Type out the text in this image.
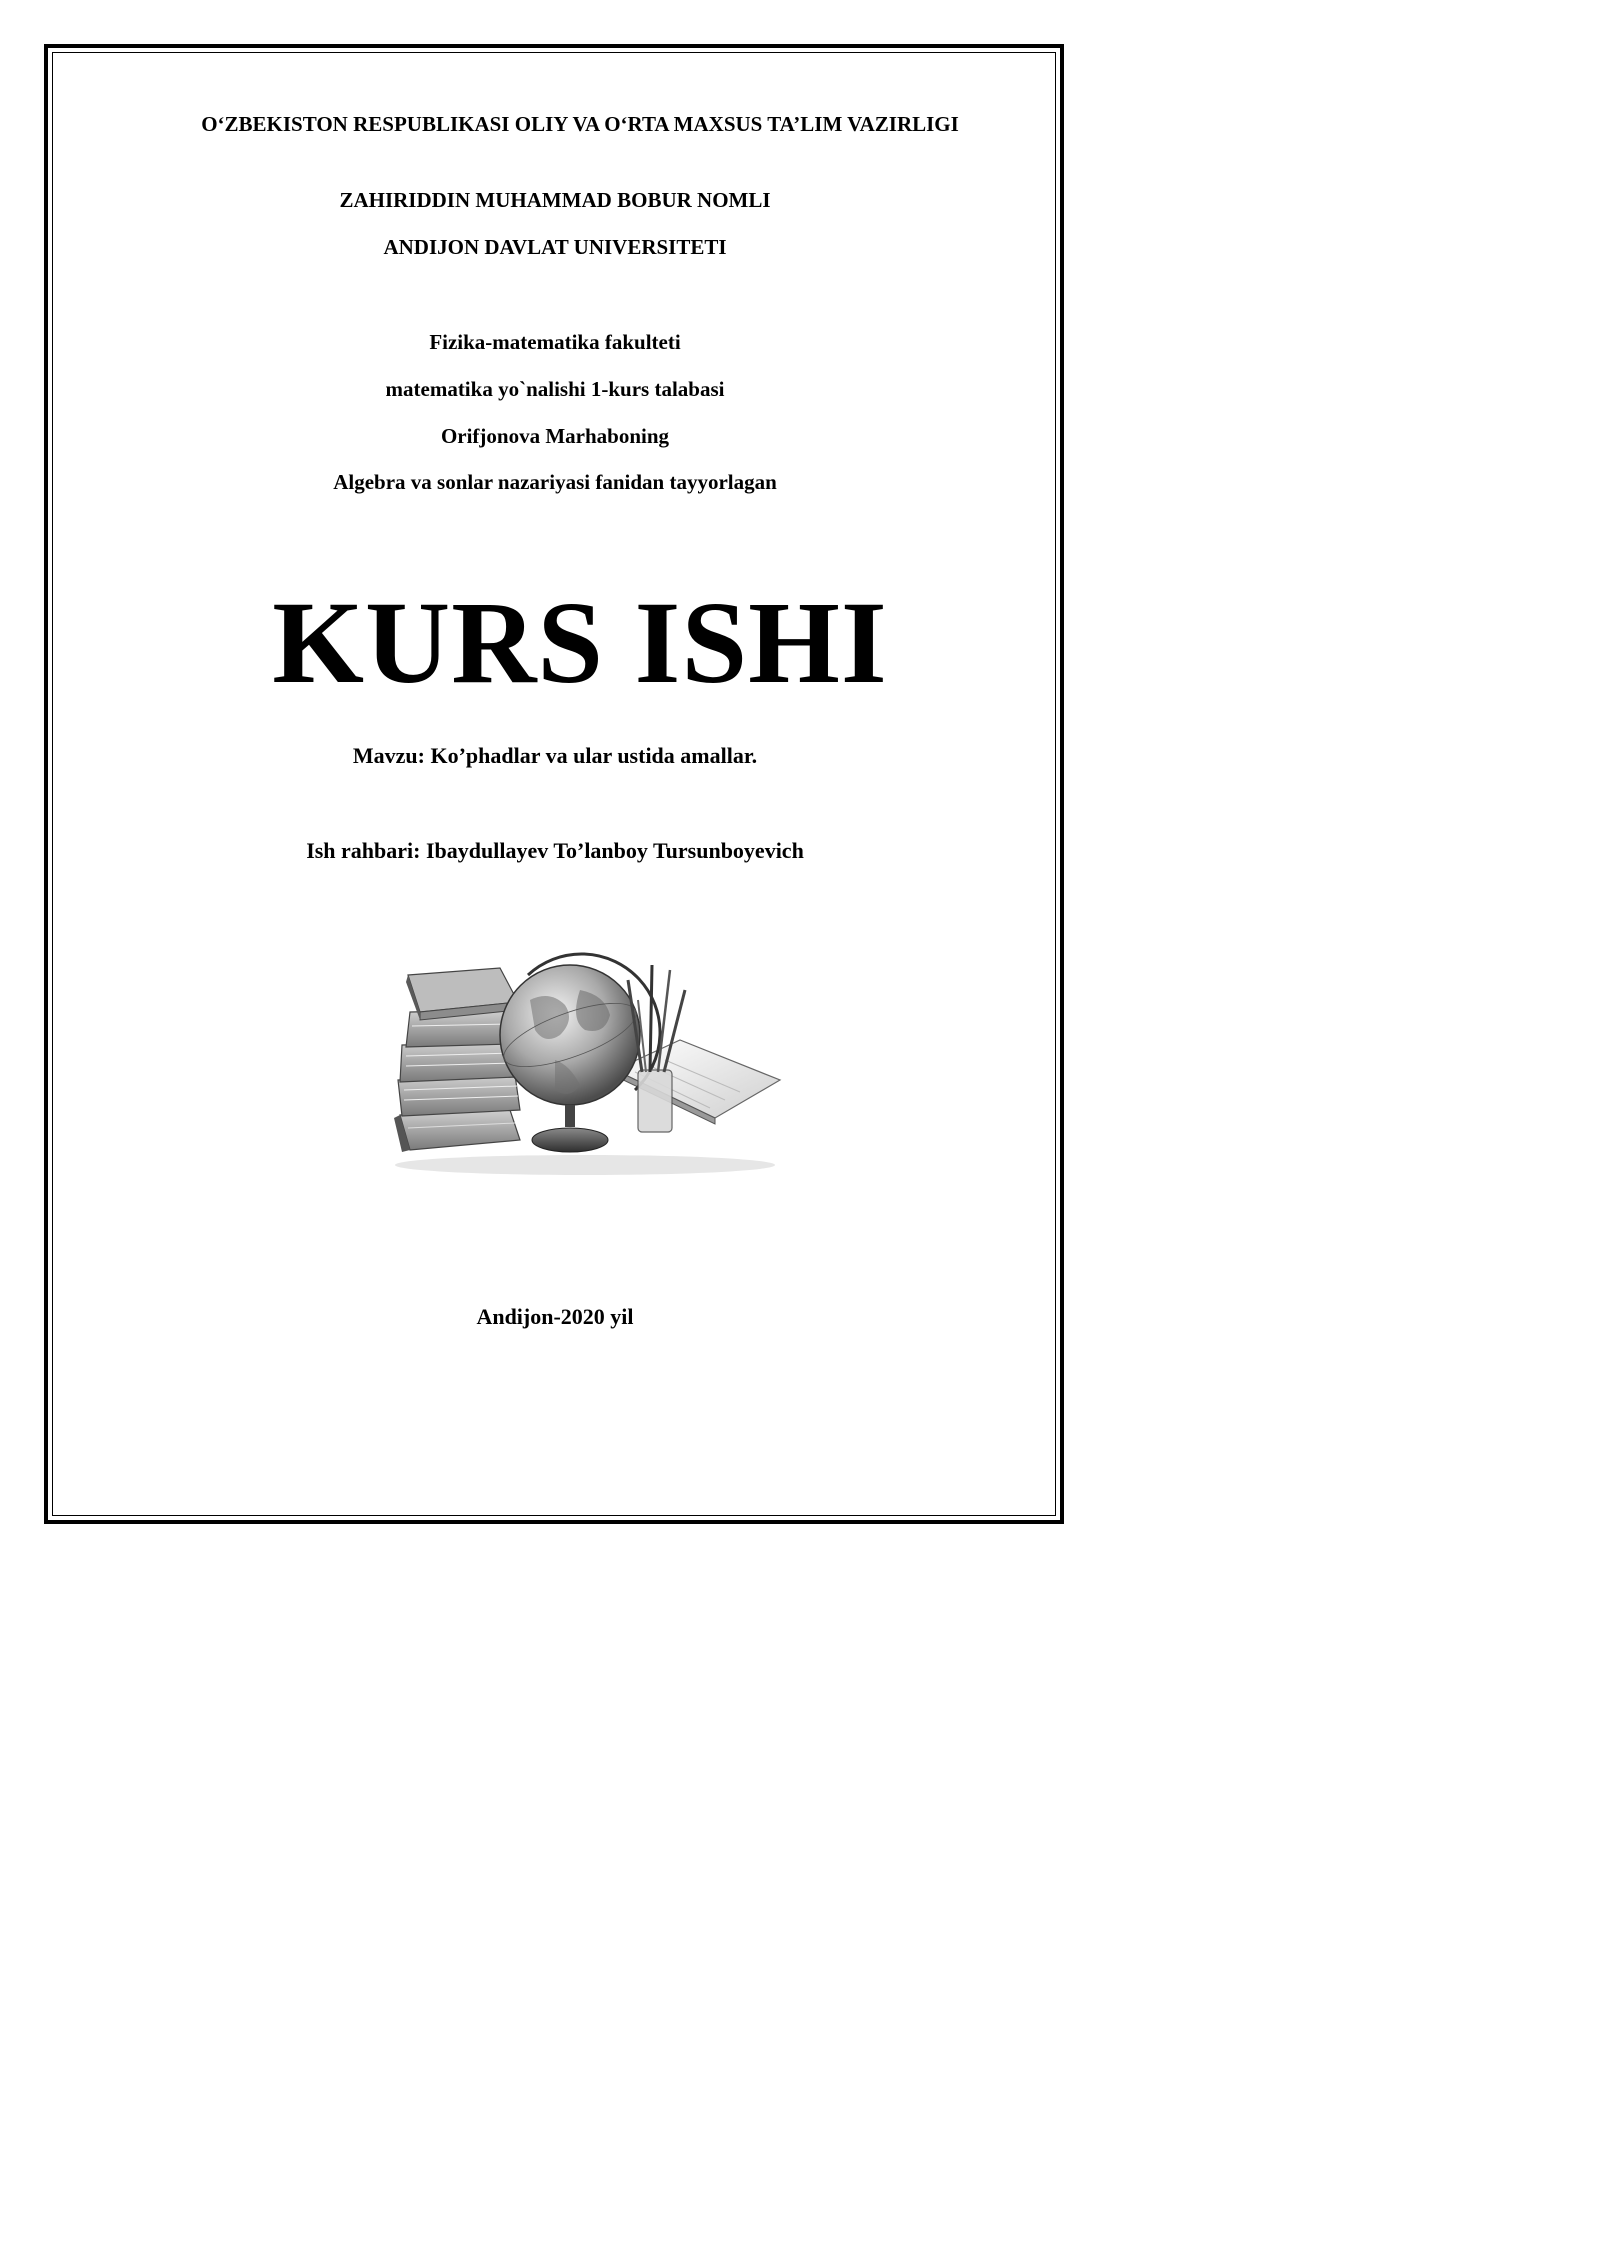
O‘ZBEKISTON RESPUBLIKASI OLIY VA O‘RTA MAXSUS TA’LIM VAZIRLIGI
ZAHIRIDDIN MUHAMMAD BOBUR NOMLI
ANDIJON DAVLAT UNIVERSITETI
Fizika-matematika fakulteti
matematika yo`nalishi 1-kurs talabasi
Orifjonova Marhaboning
Algebra va sonlar nazariyasi fanidan tayyorlagan
KURS ISHI
Mavzu: Ko’phadlar va ular ustida amallar.
Ish rahbari: Ibaydullayev To’lanboy Tursunboyevich
Andijon-2020 yil
